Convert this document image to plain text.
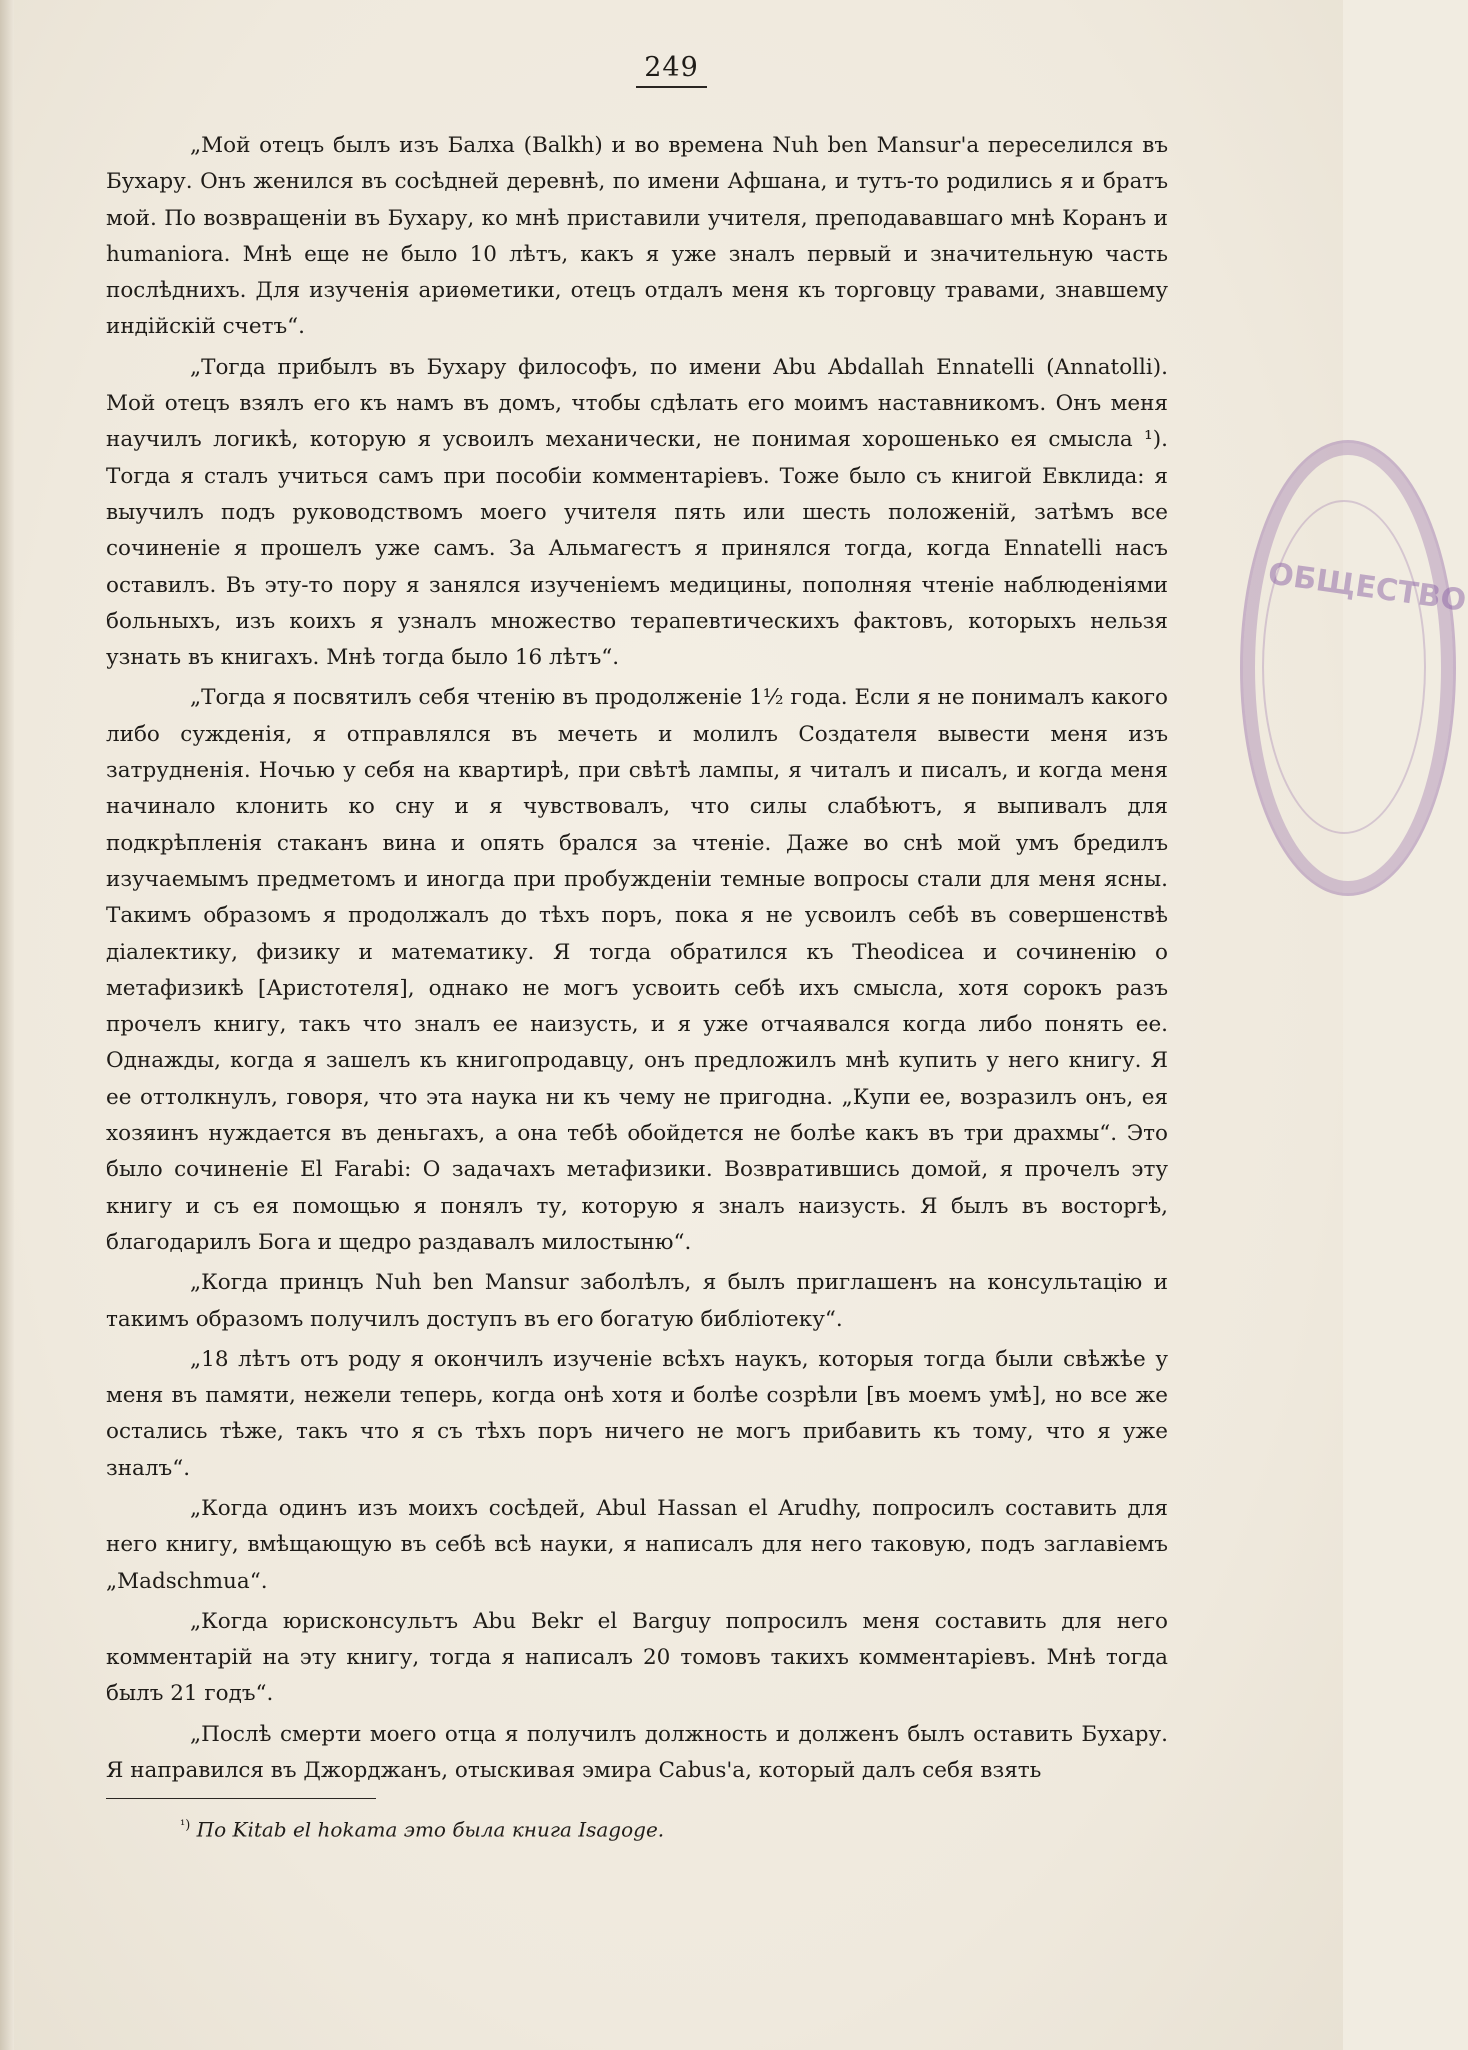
249

„Мой отецъ былъ изъ Балха (Balkh) и во времена Nuh ben Mansur'а переселился въ Бухару. Онъ женился въ сосѣдней деревнѣ, по имени Афшана, и тутъ-то родились я и братъ мой. По возвращенiи въ Бухару, ко мнѣ приставили учителя, преподававшаго мнѣ Коранъ и humaniora. Мнѣ еще не было 10 лѣтъ, какъ я уже зналъ первый и значительную часть послѣднихъ. Для изученiя ариѳметики, отецъ отдалъ меня къ торговцу травами, знавшему индiйскiй счетъ“.

„Тогда прибылъ въ Бухару философъ, по имени Abu Abdallah Ennatelli (Annatolli). Мой отецъ взялъ его къ намъ въ домъ, чтобы сдѣлать его моимъ наставникомъ. Онъ меня научилъ логикѣ, которую я усвоилъ механически, не понимая хорошенько ея смысла ¹). Тогда я сталъ учиться самъ при пособiи комментарiевъ. Тоже было съ книгой Евклида: я выучилъ подъ руководствомъ моего учителя пять или шесть положенiй, затѣмъ все сочиненiе я прошелъ уже самъ. За Альмагестъ я принялся тогда, когда Ennatelli насъ оставилъ. Въ эту-то пору я занялся изученiемъ медицины, пополняя чтенiе наблюденiями больныхъ, изъ коихъ я узналъ множество терапевтическихъ фактовъ, которыхъ нельзя узнать въ книгахъ. Мнѣ тогда было 16 лѣтъ“.

„Тогда я посвятилъ себя чтенiю въ продолженiе 1½ года. Если я не понималъ какого либо сужденiя, я отправлялся въ мечеть и молилъ Создателя вывести меня изъ затрудненiя. Ночью у себя на квартирѣ, при свѣтѣ лампы, я читалъ и писалъ, и когда меня начинало клонить ко сну и я чувствовалъ, что силы слабѣютъ, я выпивалъ для подкрѣпленiя стаканъ вина и опять брался за чтенiе. Даже во снѣ мой умъ бредилъ изучаемымъ предметомъ и иногда при пробужденiи темные вопросы стали для меня ясны. Такимъ образомъ я продолжалъ до тѣхъ поръ, пока я не усвоилъ себѣ въ совершенствѣ дiалектику, физику и математику. Я тогда обратился къ Theodicea и сочиненiю о метафизикѣ [Аристотеля], однако не могъ усвоить себѣ ихъ смысла, хотя сорокъ разъ прочелъ книгу, такъ что зналъ ее наизусть, и я уже отчаявался когда либо понять ее. Однажды, когда я зашелъ къ книгопродавцу, онъ предложилъ мнѣ купить у него книгу. Я ее оттолкнулъ, говоря, что эта наука ни къ чему не пригодна. „Купи ее, возразилъ онъ, ея хозяинъ нуждается въ деньгахъ, а она тебѣ обойдется не болѣе какъ въ три драхмы“. Это было сочиненiе El Farabi: О задачахъ метафизики. Возвратившись домой, я прочелъ эту книгу и съ ея помощью я понялъ ту, которую я зналъ наизусть. Я былъ въ восторгѣ, благодарилъ Бога и щедро раздавалъ милостыню“.

„Когда принцъ Nuh ben Mansur заболѣлъ, я былъ приглашенъ на консультацiю и такимъ образомъ получилъ доступъ въ его богатую библiотеку“.

„18 лѣтъ отъ роду я окончилъ изученiе всѣхъ наукъ, которыя тогда были свѣжѣе у меня въ памяти, нежели теперь, когда онѣ хотя и болѣе созрѣли [въ моемъ умѣ], но все же остались тѣже, такъ что я съ тѣхъ поръ ничего не могъ прибавить къ тому, что я уже зналъ“.

„Когда одинъ изъ моихъ сосѣдей, Abul Hassan el Arudhy, попросилъ составить для него книгу, вмѣщающую въ себѣ всѣ науки, я написалъ для него таковую, подъ заглавiемъ „Madschmua“.

„Когда юрисконсультъ Abu Bekr el Barguy попросилъ меня составить для него комментарiй на эту книгу, тогда я написалъ 20 томовъ такихъ комментарiевъ. Мнѣ тогда былъ 21 годъ“.

„Послѣ смерти моего отца я получилъ должность и долженъ былъ оставить Бухару. Я направился въ Джорджанъ, отыскивая эмира Cabus'а, который далъ себя взять

$^{^1)}$ По Kitab el hokama это была книга Isagoge.
ОБЩЕСТВО
